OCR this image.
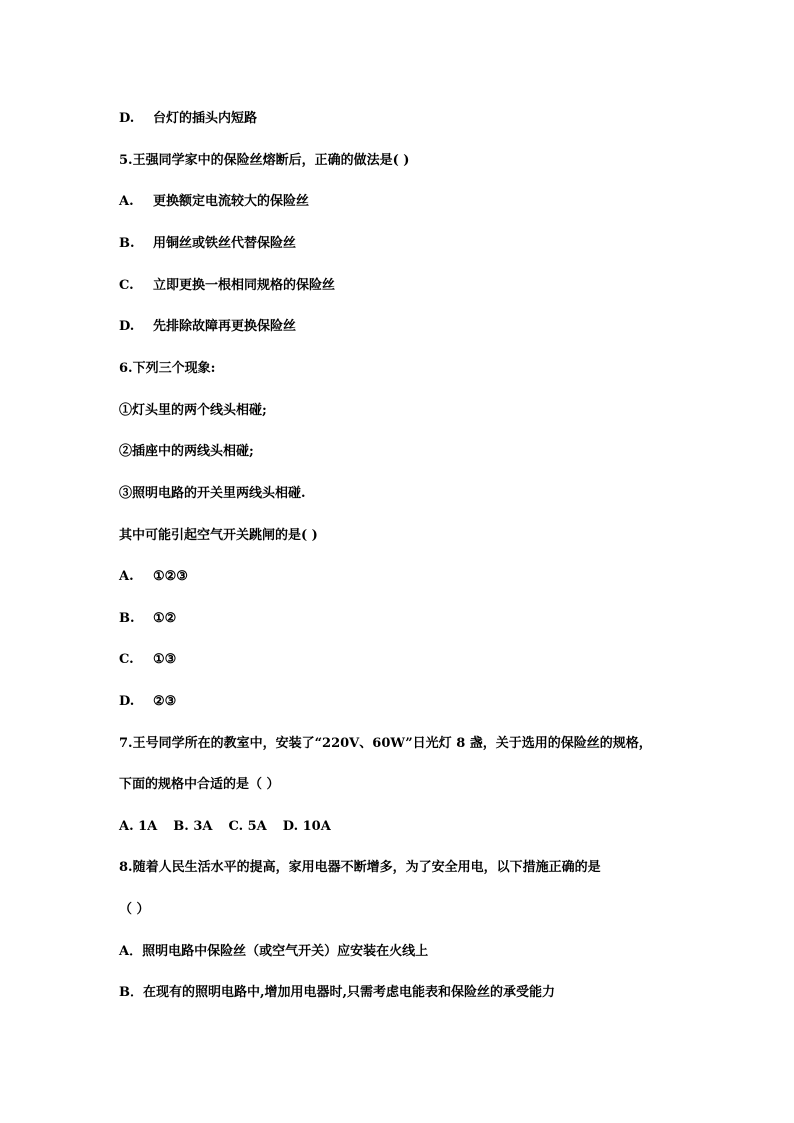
D. 台灯的插头内短路
5.王强同学家中的保险丝熔断后，正确的做法是( )
A. 更换额定电流较大的保险丝
B. 用铜丝或铁丝代替保险丝
C. 立即更换一根相同规格的保险丝
D. 先排除故障再更换保险丝
6.下列三个现象:
①灯头里的两个线头相碰;
②插座中的两线头相碰;
③照明电路的开关里两线头相碰.
其中可能引起空气开关跳闸的是( )
A. ①②③
B. ①②
C. ①③
D. ②③
7.王号同学所在的教室中，安装了“220V、60W”日光灯 8 盏，关于选用的保险丝的规格，
下面的规格中合适的是（ ）
A. 1A B. 3A C. 5A D. 10A
8.随着人民生活水平的提高，家用电器不断增多，为了安全用电，以下措施正确的是
（ ）
A．照明电路中保险丝（或空气开关）应安装在火线上
B．在现有的照明电路中,增加用电器时,只需考虑电能表和保险丝的承受能力
